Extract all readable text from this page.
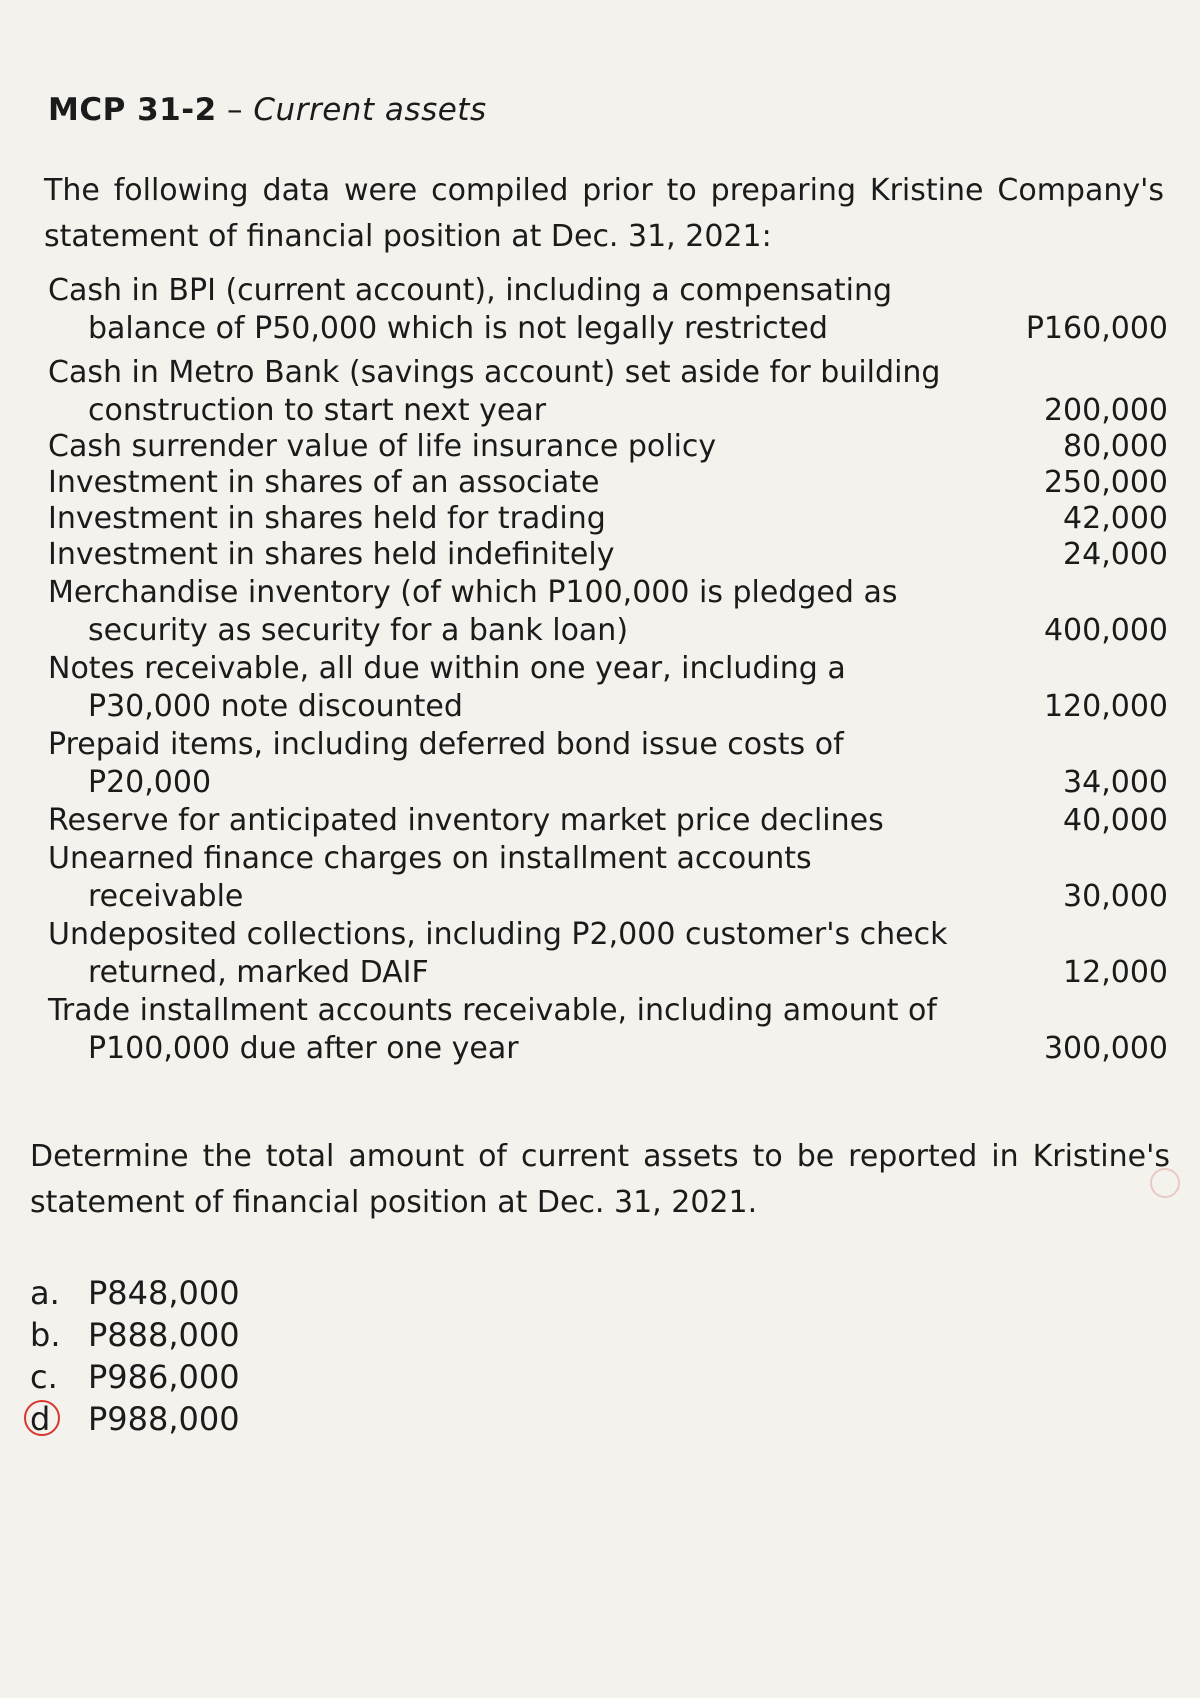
MCP 31-2 – Current assets
The following data were compiled prior to preparing Kristine Company's statement of financial position at Dec. 31, 2021:
Cash in BPI (current account), including a compensating balance of P50,000 which is not legally restricted	P160,000
Cash in Metro Bank (savings account) set aside for building construction to start next year	200,000
Cash surrender value of life insurance policy	80,000
Investment in shares of an associate	250,000
Investment in shares held for trading	42,000
Investment in shares held indefinitely	24,000
Merchandise inventory (of which P100,000 is pledged as security as security for a bank loan)	400,000
Notes receivable, all due within one year, including a P30,000 note discounted	120,000
Prepaid items, including deferred bond issue costs of P20,000	34,000
Reserve for anticipated inventory market price declines	40,000
Unearned finance charges on installment accounts receivable	30,000
Undeposited collections, including P2,000 customer's check returned, marked DAIF	12,000
Trade installment accounts receivable, including amount of P100,000 due after one year	300,000
Determine the total amount of current assets to be reported in Kristine's statement of financial position at Dec. 31, 2021.
a. P848,000
b. P888,000
c. P986,000
d	P988,000
